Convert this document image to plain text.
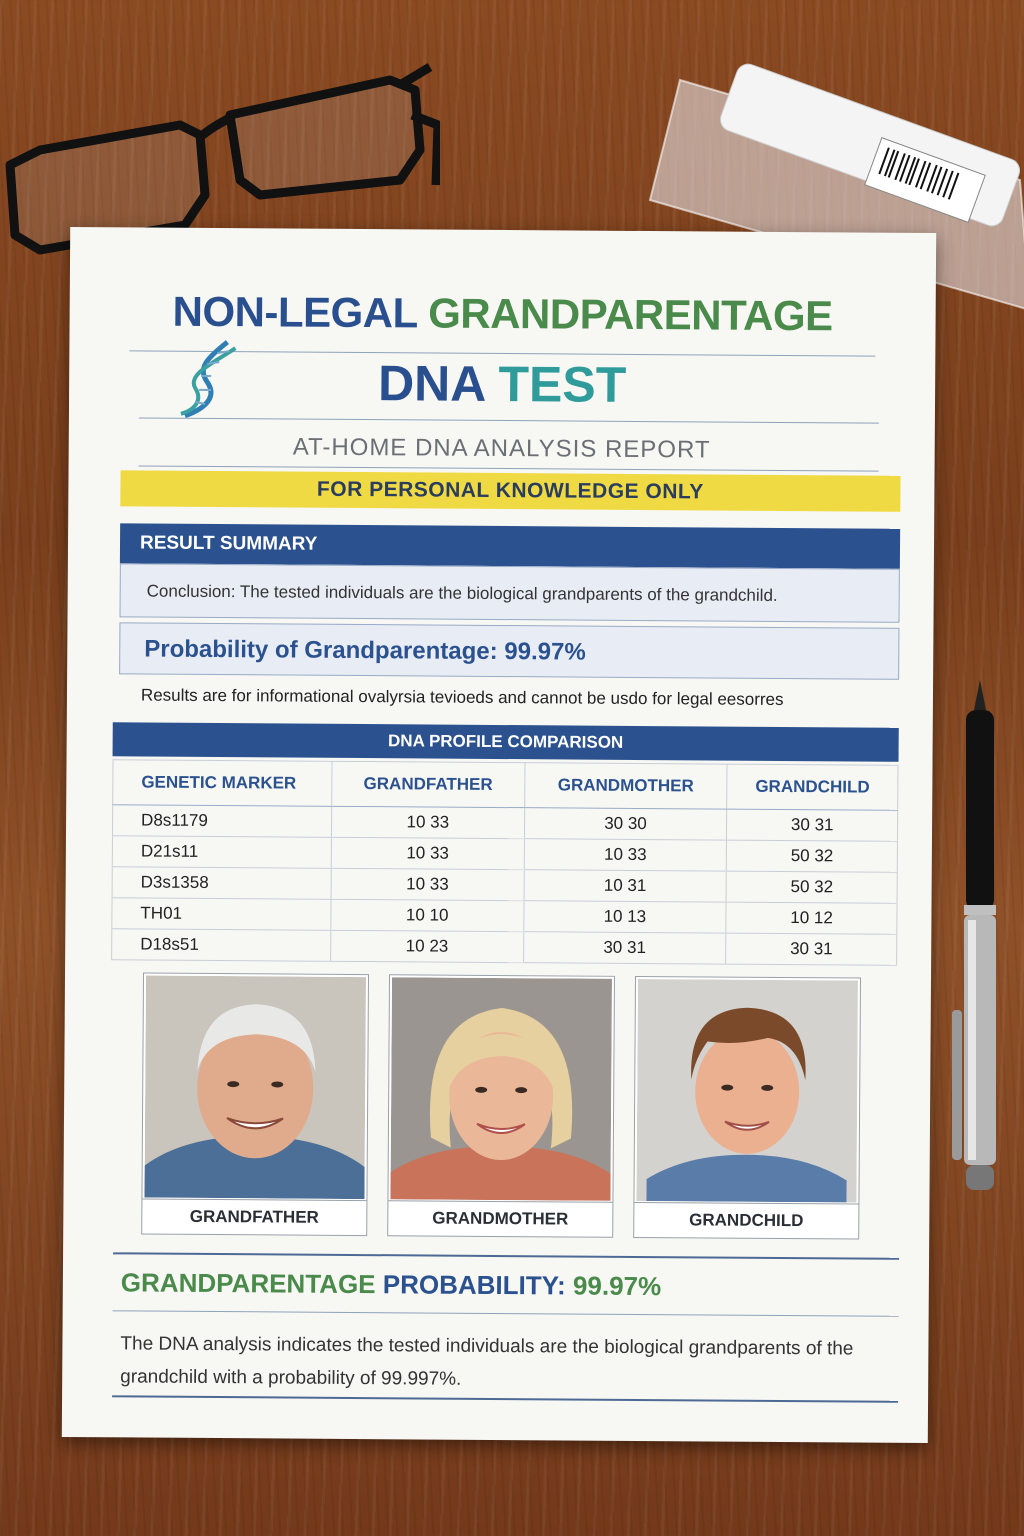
NON-LEGAL GRANDPARENTAGE
DNA TEST
AT-HOME DNA ANALYSIS REPORT
FOR PERSONAL KNOWLEDGE ONLY
RESULT SUMMARY
Conclusion: The tested individuals are the biological grandparents of the grandchild.
Probability of Grandparentage: 99.97%
Results are for informational ovalyrsia tevioeds and cannot be usdo for legal eesorres
DNA PROFILE COMPARISON
GENETIC MARKER	GRANDFATHER	GRANDMOTHER	GRANDCHILD
D8s1179	10 33	30 30	30 31
D21s11	10 33	10 33	50 32
D3s1358	10 33	10 31	50 32
TH01	10 10	10 13	10 12
D18s51	10 23	30 31	30 31
GRANDFATHER	GRANDMOTHER	GRANDCHILD
GRANDPARENTAGE PROBABILITY: 99.97%
The DNA analysis indicates the tested individuals are the biological grandparents of the grandchild with a probability of 99.997%.
